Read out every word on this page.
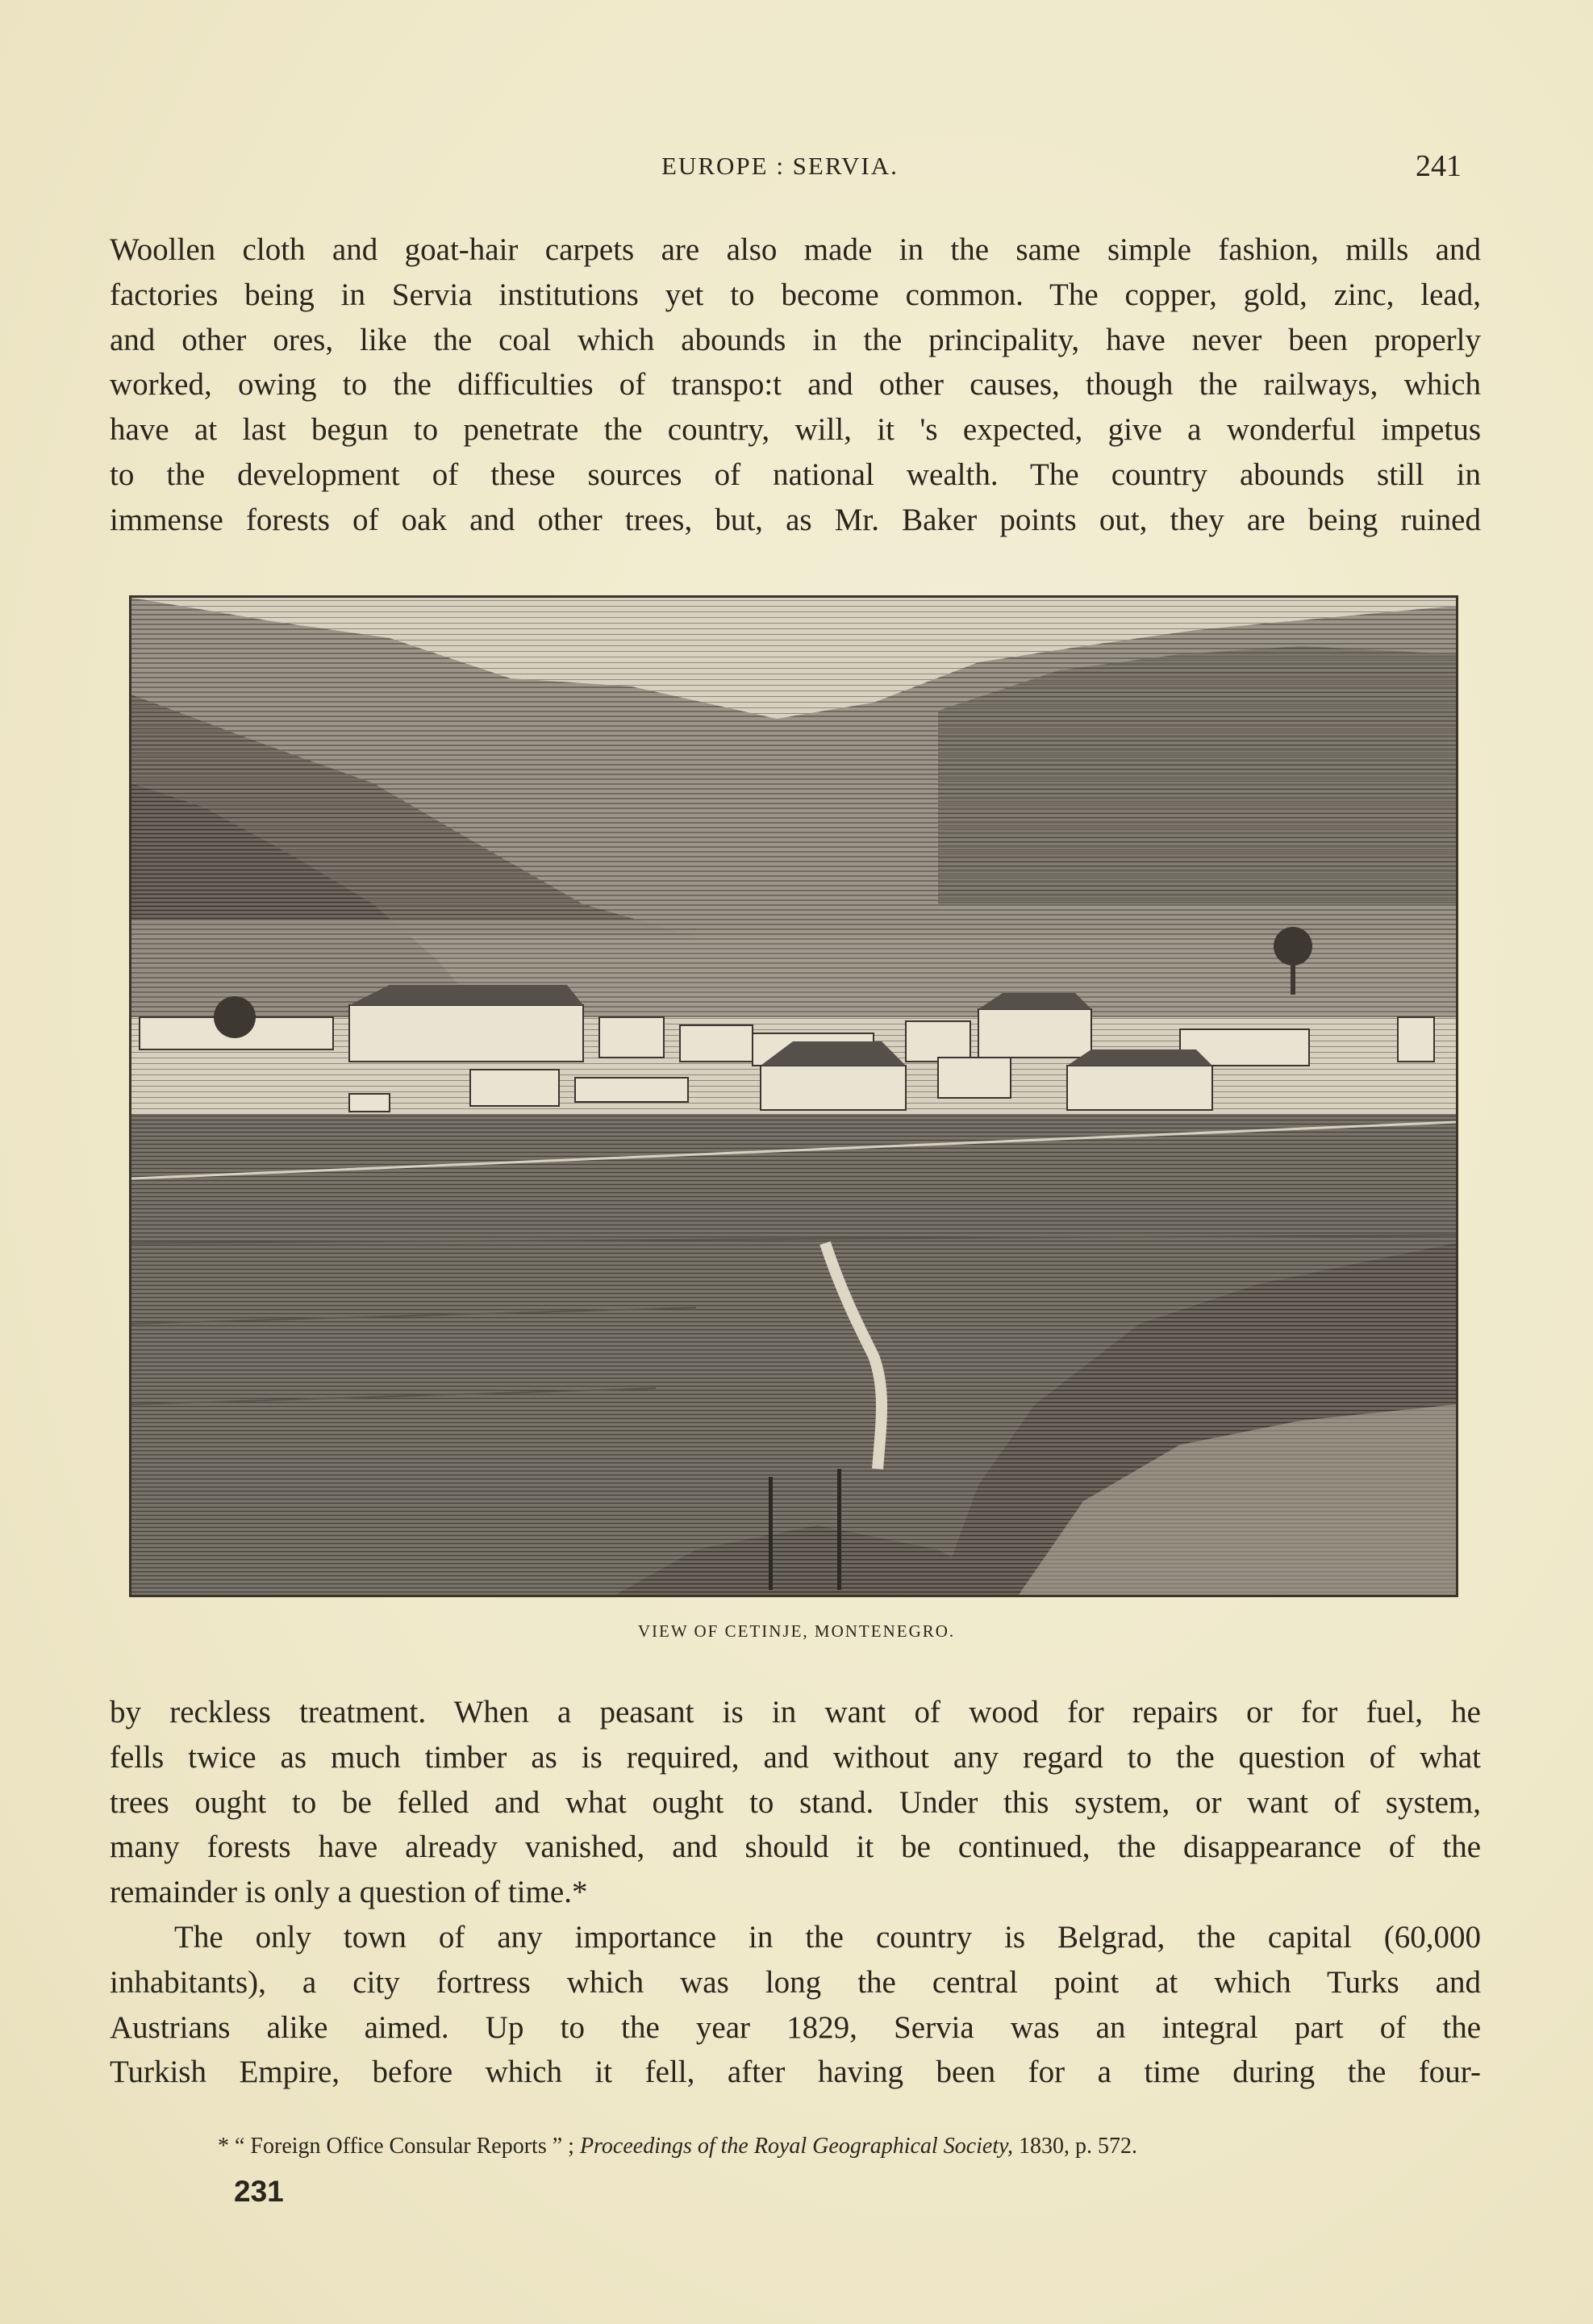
EUROPE : SERVIA.	241
Woollen cloth and goat-hair carpets are also made in the same simple fashion, mills and
factories being in Servia institutions yet to become common. The copper, gold, zinc, lead,
and other ores, like the coal which abounds in the principality, have never been properly
worked, owing to the difficulties of transpo:t and other causes, though the railways, which
have at last begun to penetrate the country, will, it 's expected, give a wonderful impetus
to the development of these sources of national wealth. The country abounds still in
immense forests of oak and other trees, but, as Mr. Baker points out, they are being ruined
VIEW OF CETINJE, MONTENEGRO.
by reckless treatment. When a peasant is in want of wood for repairs or for fuel, he
fells twice as much timber as is required, and without any regard to the question of what
trees ought to be felled and what ought to stand. Under this system, or want of system,
many forests have already vanished, and should it be continued, the disappearance of the
remainder is only a question of time.*
The only town of any importance in the country is Belgrad, the capital (60,000
inhabitants), a city fortress which was long the central point at which Turks and
Austrians alike aimed. Up to the year 1829, Servia was an integral part of the
Turkish Empire, before which it fell, after having been for a time during the four-
* “ Foreign Office Consular Reports ” ; Proceedings of the Royal Geographical Society, 1830, p. 572.
231
